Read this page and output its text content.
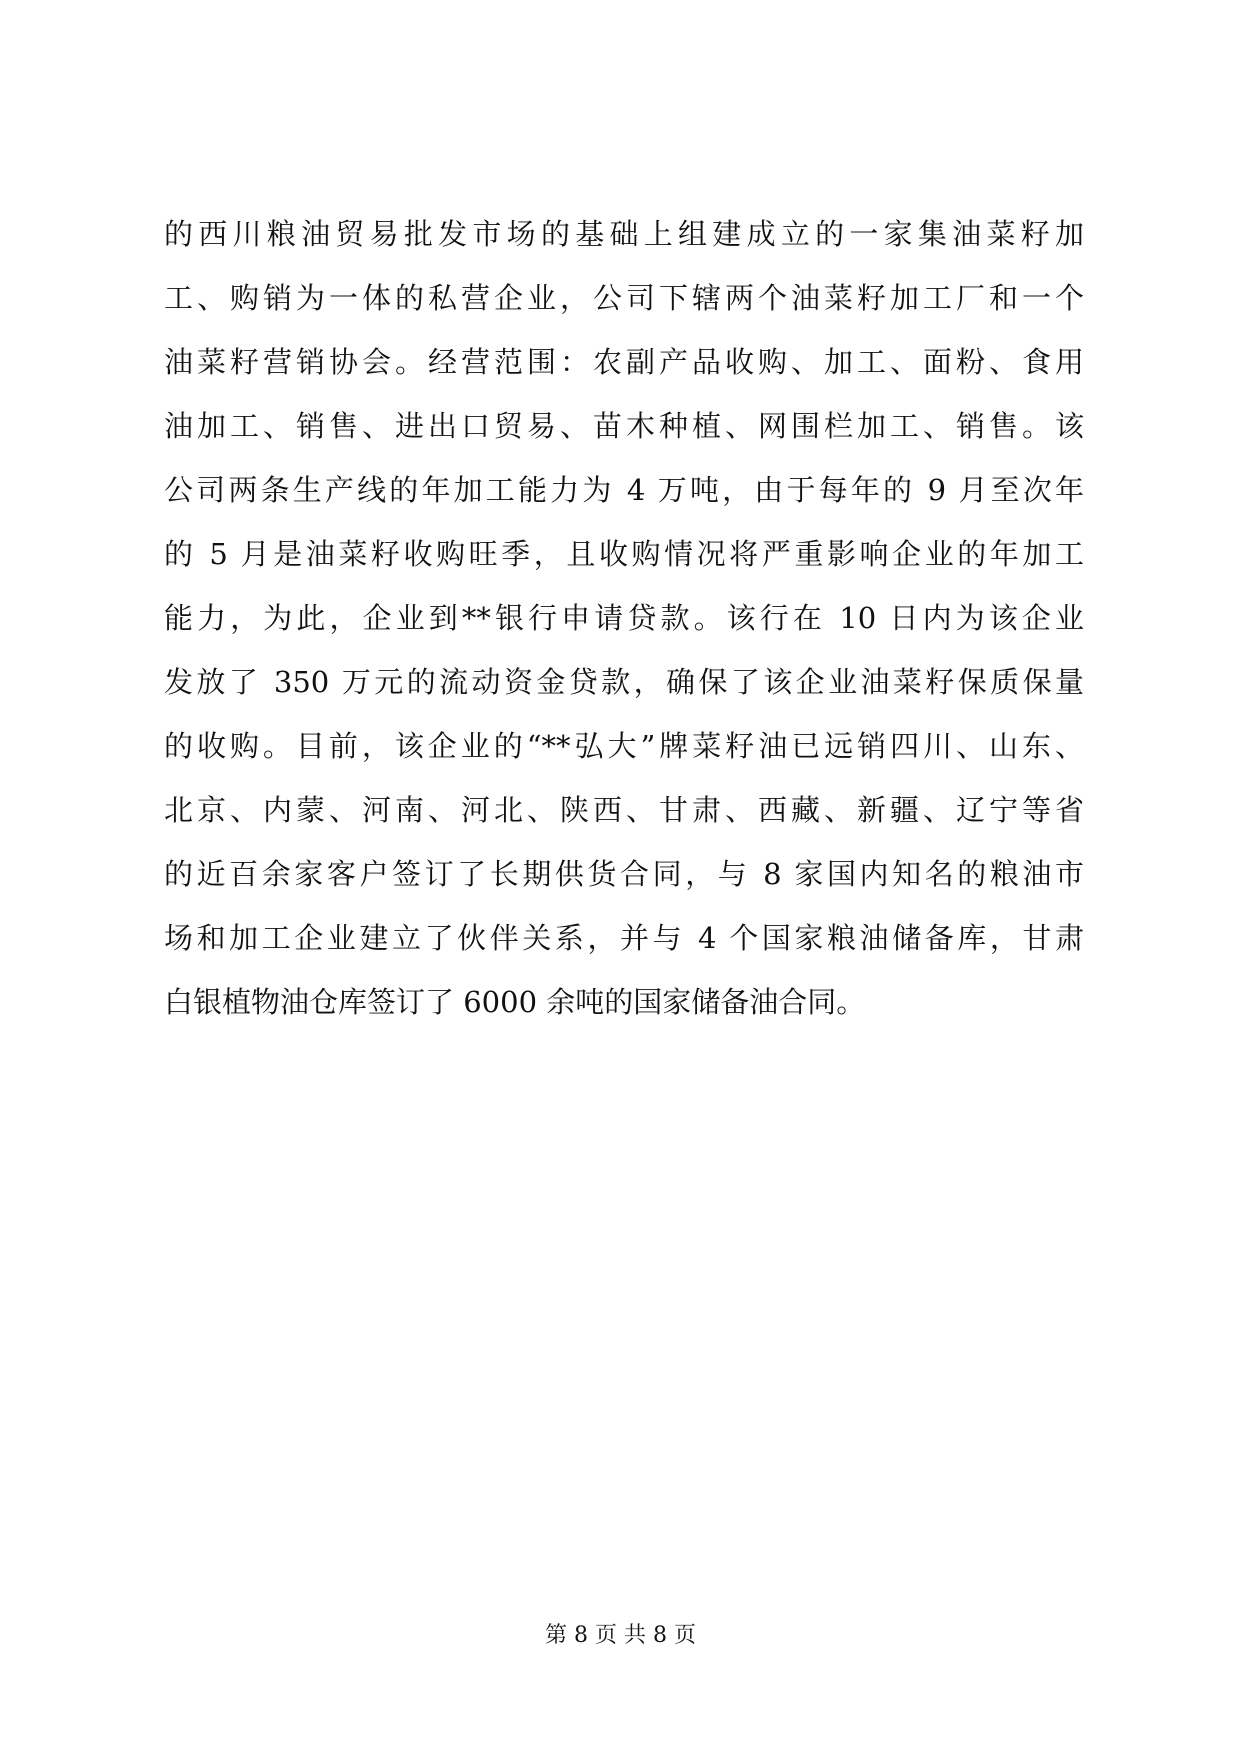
的西川粮油贸易批发市场的基础上组建成立的一家集油菜籽加
工、购销为一体的私营企业，公司下辖两个油菜籽加工厂和一个
油菜籽营销协会。经营范围：农副产品收购、加工、面粉、食用
油加工、销售、进出口贸易、苗木种植、网围栏加工、销售。该
公司两条生产线的年加工能力为 4 万吨，由于每年的 9 月至次年
的 5 月是油菜籽收购旺季，且收购情况将严重影响企业的年加工
能力，为此，企业到**银行申请贷款。该行在 10 日内为该企业
发放了 350 万元的流动资金贷款，确保了该企业油菜籽保质保量
的收购。目前，该企业的“**弘大”牌菜籽油已远销四川、山东、
北京、内蒙、河南、河北、陕西、甘肃、西藏、新疆、辽宁等省
的近百余家客户签订了长期供货合同，与 8 家国内知名的粮油市
场和加工企业建立了伙伴关系，并与 4 个国家粮油储备库，甘肃
白银植物油仓库签订了 6000 余吨的国家储备油合同。
第 8 页 共 8 页
